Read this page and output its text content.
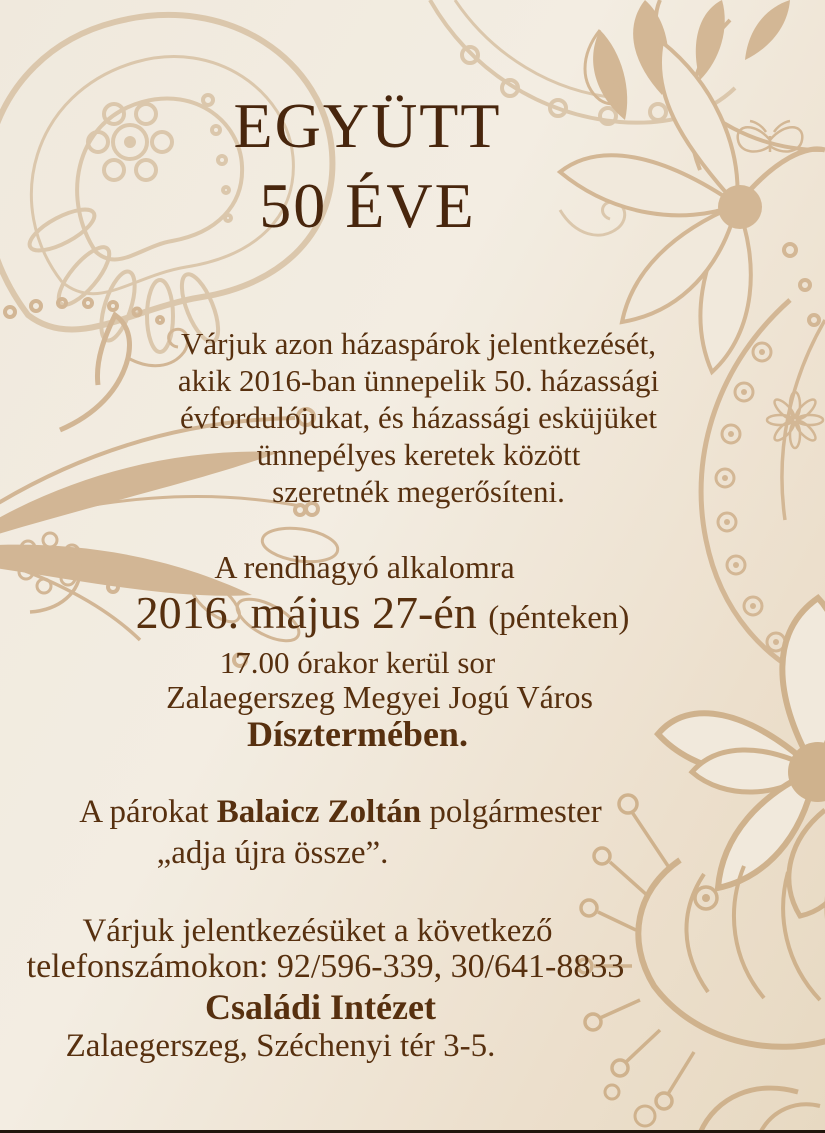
EGYÜTT
50 ÉVE
Várjuk azon házaspárok jelentkezését,
akik 2016-ban ünnepelik 50. házassági
évfordulójukat, és házassági esküjüket
ünnepélyes keretek között
szeretnék megerősíteni.
A rendhagyó alkalomra
2016. május 27-én (pénteken)
17.00 órakor kerül sor
Zalaegerszeg Megyei Jogú Város
Dísztermében.
A párokat Balaicz Zoltán polgármester
„adja újra össze”.
Várjuk jelentkezésüket a következő
telefonszámokon: 92/596-339, 30/641-8833
Családi Intézet
Zalaegerszeg, Széchenyi tér 3-5.
